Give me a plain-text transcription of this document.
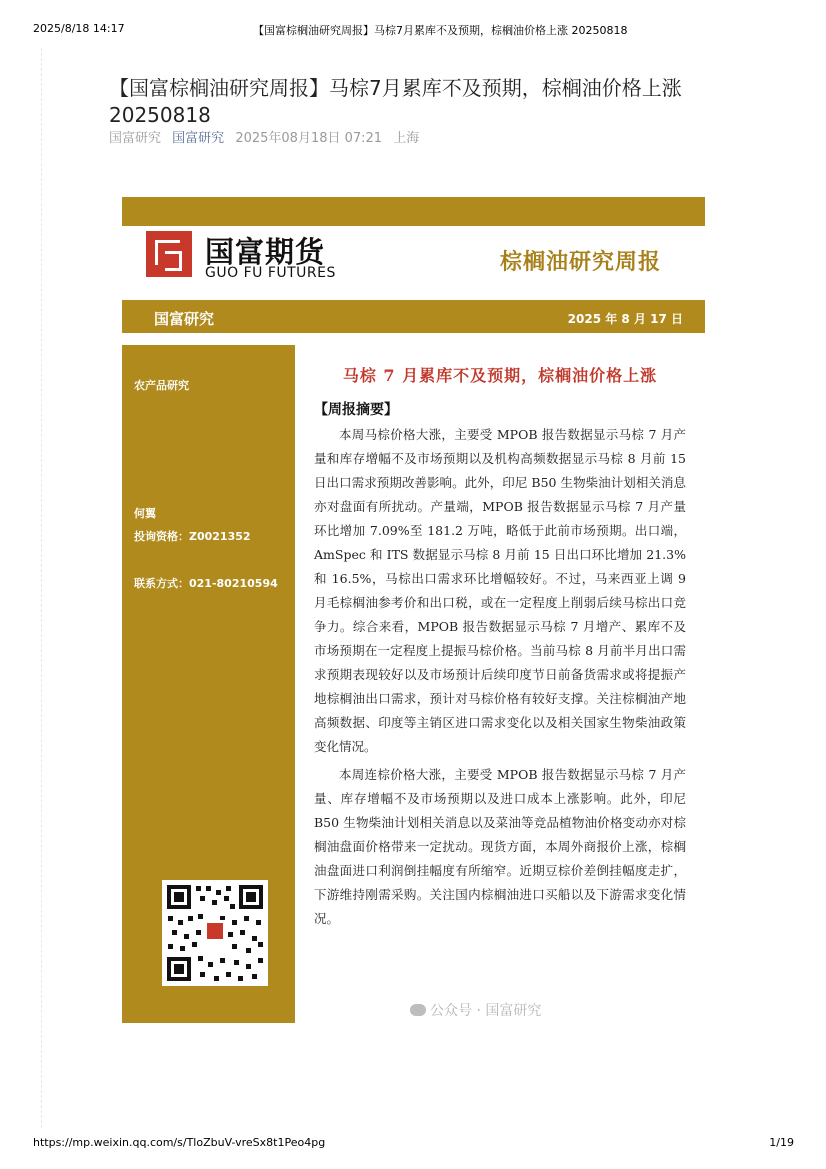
2025/8/18 14:17	【国富棕榈油研究周报】马棕7月累库不及预期，棕榈油价格上涨 20250818
【国富棕榈油研究周报】马棕7月累库不及预期，棕榈油价格上涨 20250818
国富研究 国富研究 2025年08月18日 07:21 上海
国富期货
GUO FU FUTURES	棕榈油研究周报
国富研究	2025 年 8 月 17 日
农产品研究
何翼
投询资格：Z0021352
联系方式：021-80210594
马棕 7 月累库不及预期，棕榈油价格上涨
【周报摘要】

本周马棕价格大涨，主要受 MPOB 报告数据显示马棕 7 月产量和库存增幅不及市场预期以及机构高频数据显示马棕 8 月前 15 日出口需求预期改善影响。此外，印尼 B50 生物柴油计划相关消息亦对盘面有所扰动。产量端，MPOB 报告数据显示马棕 7 月产量环比增加 7.09%至 181.2 万吨，略低于此前市场预期。出口端，AmSpec 和 ITS 数据显示马棕 8 月前 15 日出口环比增加 21.3%和 16.5%，马棕出口需求环比增幅较好。不过，马来西亚上调 9 月毛棕榈油参考价和出口税，或在一定程度上削弱后续马棕出口竞争力。综合来看，MPOB 报告数据显示马棕 7 月增产、累库不及市场预期在一定程度上提振马棕价格。当前马棕 8 月前半月出口需求预期表现较好以及市场预计后续印度节日前备货需求或将提振产地棕榈油出口需求，预计对马棕价格有较好支撑。关注棕榈油产地高频数据、印度等主销区进口需求变化以及相关国家生物柴油政策变化情况。

本周连棕价格大涨，主要受 MPOB 报告数据显示马棕 7 月产量、库存增幅不及市场预期以及进口成本上涨影响。此外，印尼 B50 生物柴油计划相关消息以及菜油等竞品植物油价格变动亦对棕榈油盘面价格带来一定扰动。现货方面，本周外商报价上涨，棕榈油盘面进口利润倒挂幅度有所缩窄。近期豆棕价差倒挂幅度走扩，下游维持刚需采购。关注国内棕榈油进口买船以及下游需求变化情况。

公众号 · 国富研究
https://mp.weixin.qq.com/s/TloZbuV-vreSx8t1Peo4pg	1/19
